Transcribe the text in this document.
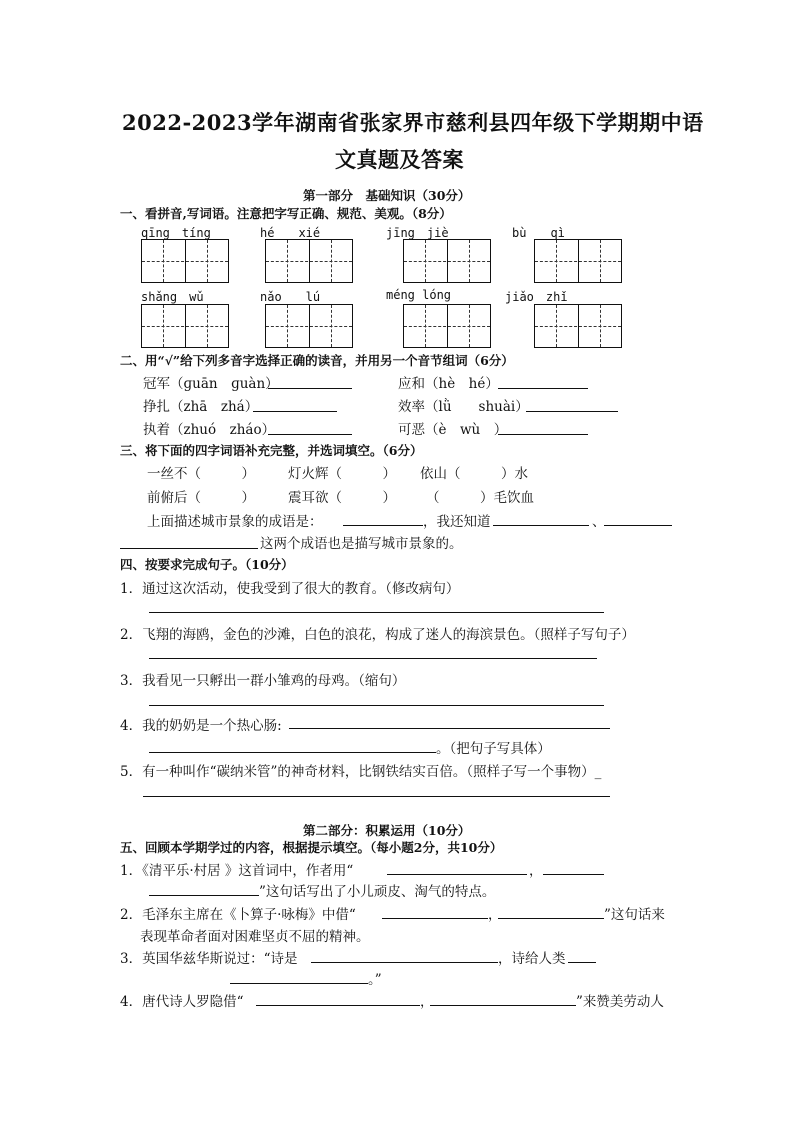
2022-2023学年湖南省张家界市慈利县四年级下学期期中语
文真题及答案
第一部分　基础知识（30分）
一、看拼音,写词语。注意把字写正确、规范、美观。（8分）
qīng　tíng	hé　　xié	jīng　jiè	bù　　qì
shǎng　wǔ	nǎo　　lú	méng lóng	jiǎo　zhǐ
二、用“√”给下列多音字选择正确的读音，并用另一个音节组词（6分）
冠军（ɡuān　ɡuàn）	应和（hè　hé）
挣扎（zhā　zhá）	效率（lǜ　　shuài）
执着（zhuó　zháo）	可恶（è　wù　）
三、将下面的四字词语补充完整，并选词填空。（6分）
一丝不（　　　） 灯火辉（　　　） 依山（　　　）水
前俯后（　　　） 震耳欲（　　　） （　　　）毛饮血
上面描述城市景象的成语是：	，我还知道	、
这两个成语也是描写城市景象的。
四、按要求完成句子。（10分）
1．通过这次活动，使我受到了很大的教育。（修改病句）
2．飞翔的海鸥，金色的沙滩，白色的浪花，构成了迷人的海滨景色。（照样子写句子）
3．我看见一只孵出一群小雏鸡的母鸡。（缩句）
4．我的奶奶是一个热心肠:
。（把句子写具体）
5．有一种叫作“碳纳米管”的神奇材料，比钢铁结实百倍。（照样子写一个事物）_
第二部分：积累运用（10分）
五、回顾本学期学过的内容，根据提示填空。（每小题2分，共10分）
1．《清平乐·村居 》这首词中，作者用“	，
”这句话写出了小儿顽皮、淘气的特点。
2．毛泽东主席在《卜算子·咏梅》中借“	，	”这句话来
表现革命者面对困难坚贞不屈的精神。
3．英国华兹华斯说过：“诗是	，诗给人类
。”
4．唐代诗人罗隐借“	，	”来赞美劳动人
